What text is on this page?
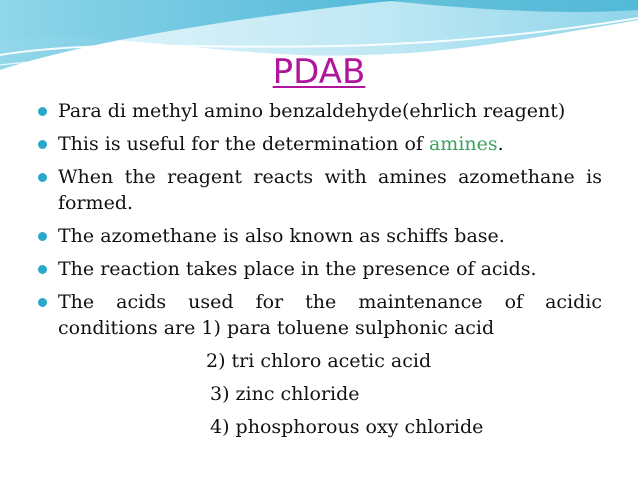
PDAB
Para di methyl amino benzaldehyde(ehrlich reagent)
This is useful for the determination of amines.
When the reagent reacts with amines azomethane is
formed.
The azomethane is also known as schiffs base.
The reaction takes place in the presence of acids.
The acids used for the maintenance of acidic
conditions are 1) para toluene sulphonic acid
2) tri chloro acetic acid
3) zinc chloride
4) phosphorous oxy chloride
